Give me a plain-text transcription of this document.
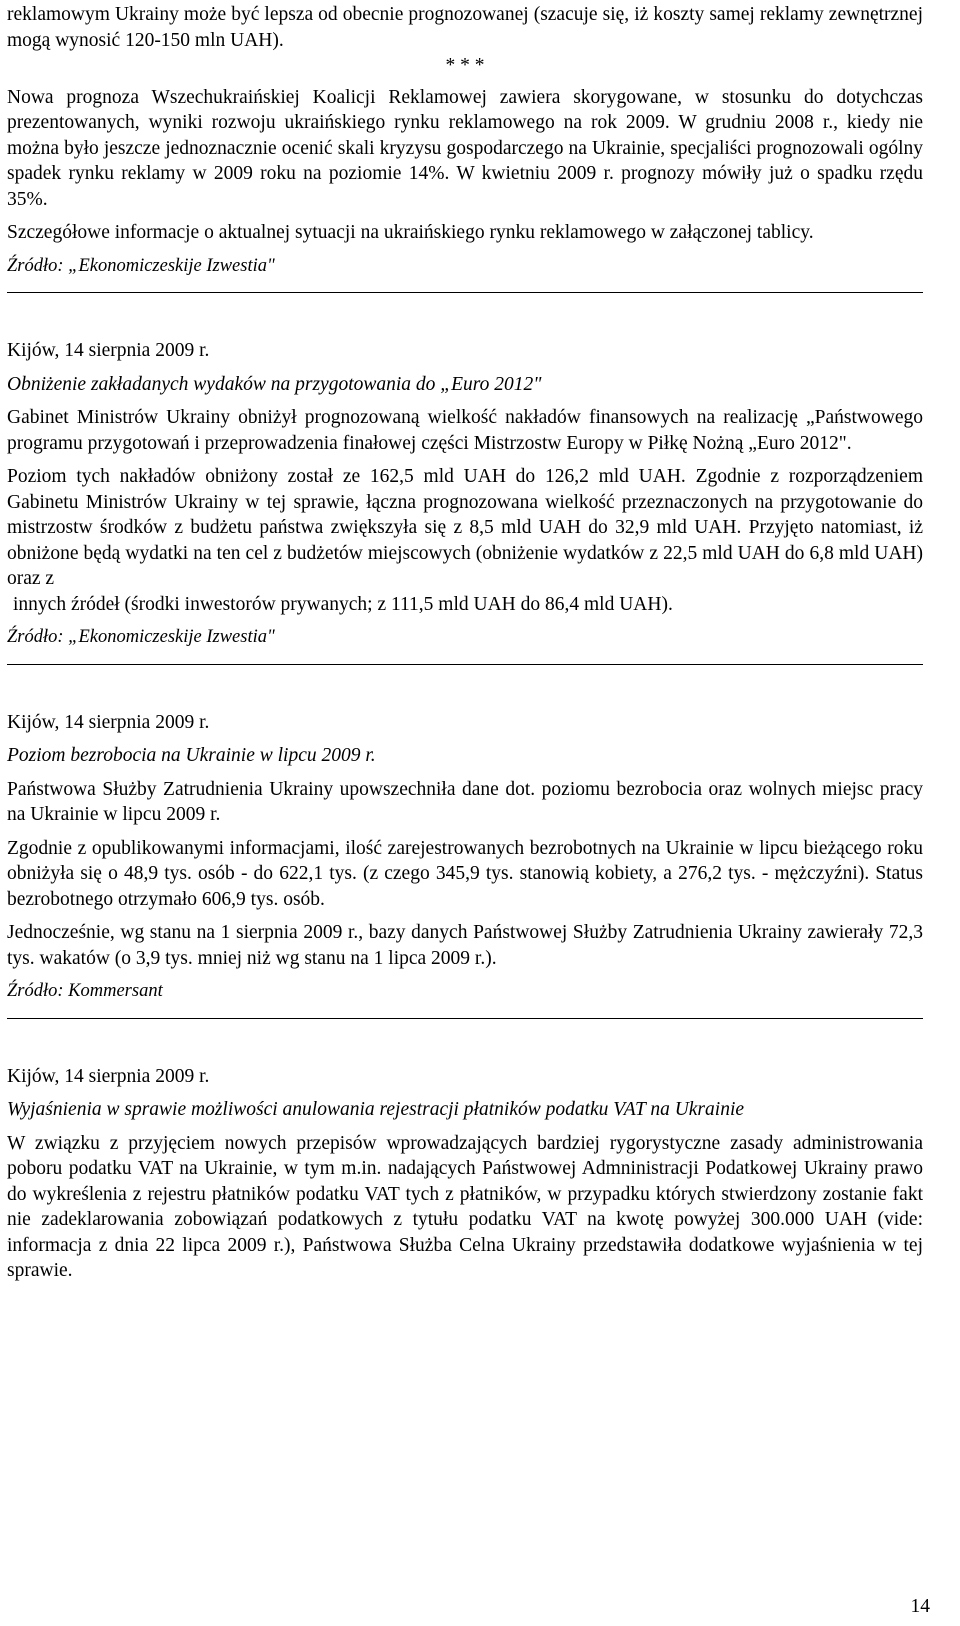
reklamowym Ukrainy może być lepsza od obecnie prognozowanej (szacuje się, iż koszty samej reklamy zewnętrznej mogą wynosić 120-150 mln UAH).

* * *

Nowa prognoza Wszechukraińskiej Koalicji Reklamowej zawiera skorygowane, w stosunku do dotychczas prezentowanych, wyniki rozwoju ukraińskiego rynku reklamowego na rok 2009. W grudniu 2008 r., kiedy nie można było jeszcze jednoznacznie ocenić skali kryzysu gospodarczego na Ukrainie, specjaliści prognozowali ogólny spadek rynku reklamy w 2009 roku na poziomie 14%. W kwietniu 2009 r. prognozy mówiły już o spadku rzędu 35%.

Szczegółowe informacje o aktualnej sytuacji na ukraińskiego rynku reklamowego w załączonej tablicy.

Źródło: „Ekonomiczeskije Izwestia"

Kijów, 14 sierpnia 2009 r.

Obniżenie zakładanych wydaków na przygotowania do „Euro 2012"

Gabinet Ministrów Ukrainy obniżył prognozowaną wielkość nakładów finansowych na realizację „Państwowego programu przygotowań i przeprowadzenia finałowej części Mistrzostw Europy w Piłkę Nożną „Euro 2012".

Poziom tych nakładów obniżony został ze 162,5 mld UAH do 126,2 mld UAH. Zgodnie z rozporządzeniem Gabinetu Ministrów Ukrainy w tej sprawie, łączna prognozowana wielkość przeznaczonych na przygotowanie do mistrzostw środków z budżetu państwa zwiększyła się z 8,5 mld UAH do 32,9 mld UAH. Przyjęto natomiast, iż obniżone będą wydatki na ten cel z budżetów miejscowych (obniżenie wydatków z 22,5 mld UAH do 6,8 mld UAH) oraz z

innych źródeł (środki inwestorów prywanych; z 111,5 mld UAH do 86,4 mld UAH).

Źródło: „Ekonomiczeskije Izwestia"

Kijów, 14 sierpnia 2009 r.

Poziom bezrobocia na Ukrainie w lipcu 2009 r.

Państwowa Służby Zatrudnienia Ukrainy upowszechniła dane dot. poziomu bezrobocia oraz wolnych miejsc pracy na Ukrainie w lipcu 2009 r.

Zgodnie z opublikowanymi informacjami, ilość zarejestrowanych bezrobotnych na Ukrainie w lipcu bieżącego roku obniżyła się o 48,9 tys. osób - do 622,1 tys. (z czego 345,9 tys. stanowią kobiety, a 276,2 tys. - mężczyźni). Status bezrobotnego otrzymało 606,9 tys. osób.

Jednocześnie, wg stanu na 1 sierpnia 2009 r., bazy danych Państwowej Służby Zatrudnienia Ukrainy zawierały 72,3 tys. wakatów (o 3,9 tys. mniej niż wg stanu na 1 lipca 2009 r.).

Źródło: Kommersant

Kijów, 14 sierpnia 2009 r.

Wyjaśnienia w sprawie możliwości anulowania rejestracji płatników podatku VAT na Ukrainie

W związku z przyjęciem nowych przepisów wprowadzających bardziej rygorystyczne zasady administrowania poboru podatku VAT na Ukrainie, w tym m.in. nadających Państwowej Admninistracji Podatkowej Ukrainy prawo do wykreślenia z rejestru płatników podatku VAT tych z płatników, w przypadku których stwierdzony zostanie fakt nie zadeklarowania zobowiązań podatkowych z tytułu podatku VAT na kwotę powyżej 300.000 UAH (vide: informacja z dnia 22 lipca 2009 r.), Państwowa Służba Celna Ukrainy przedstawiła dodatkowe wyjaśnienia w tej sprawie.

14
